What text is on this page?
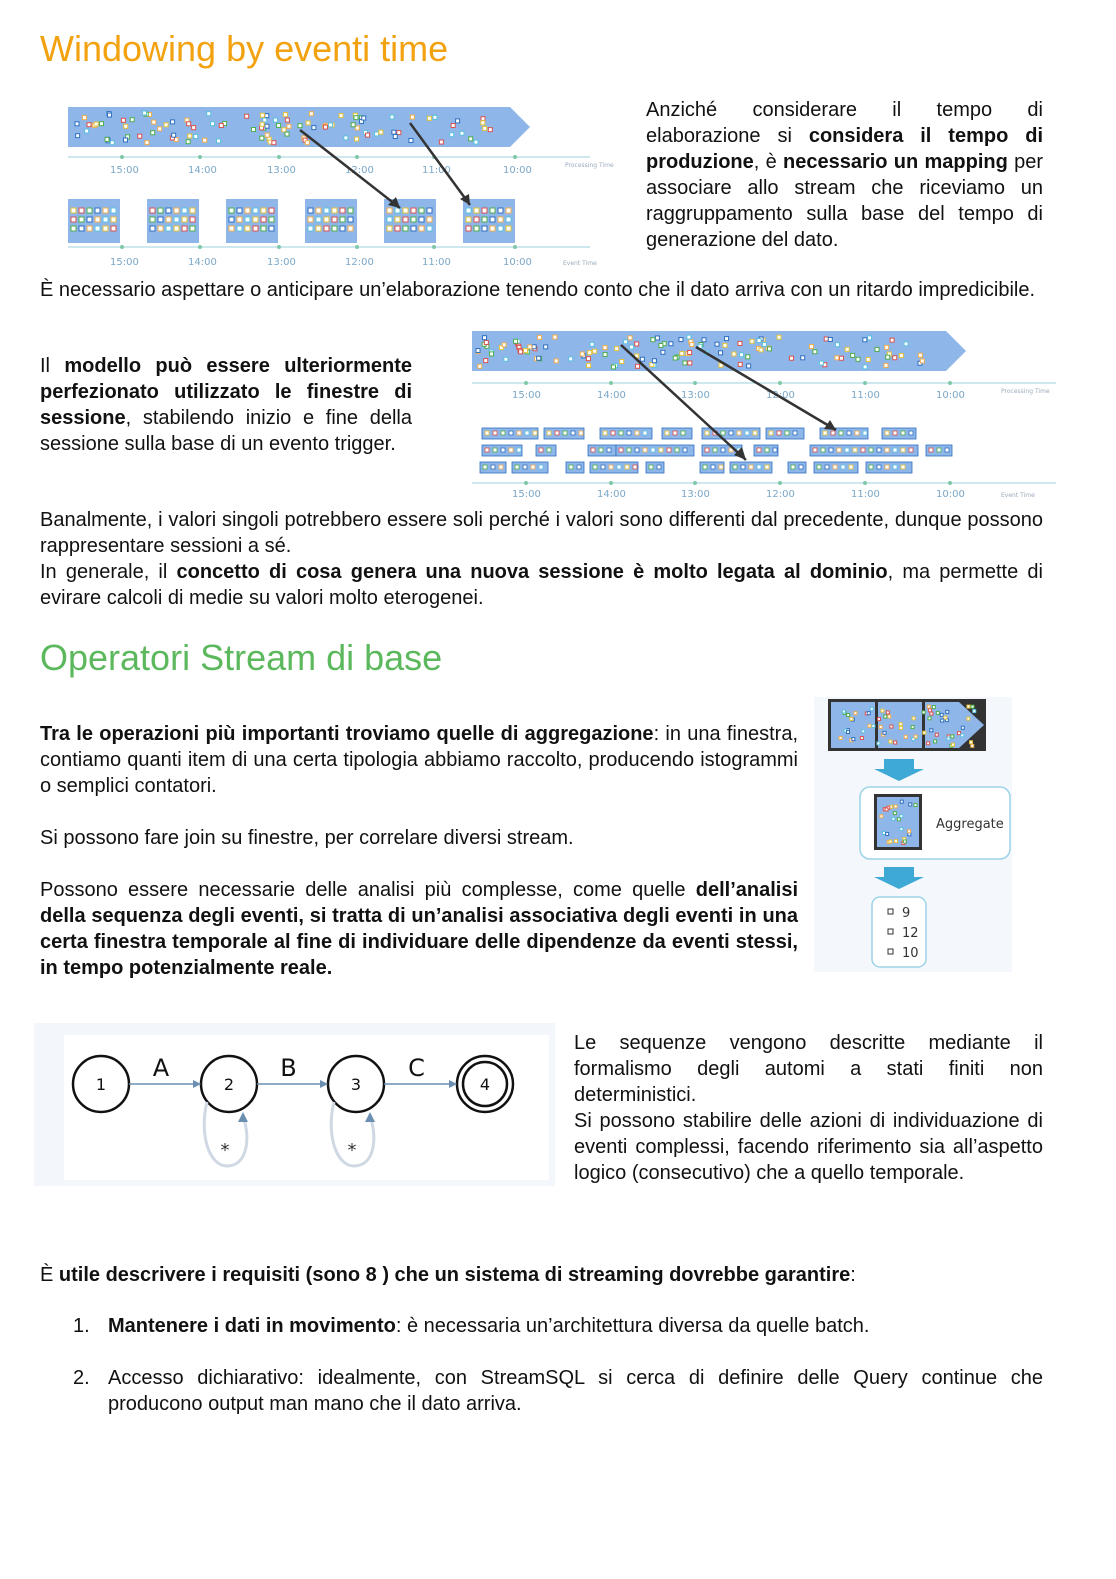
Windowing by eventi time
15:00	14:00	13:00	12:00	11:00	10:00	Processing Time
15:00	14:00	13:00	12:00	11:00	10:00	Event Time

Anziché considerare il tempo di elaborazione si considera il tempo di produzione, è necessario un mapping per associare allo stream che riceviamo un raggruppamento sulla base del tempo di generazione del dato.

È necessario aspettare o anticipare un’elaborazione tenendo conto che il dato arriva con un ritardo impredicibile.

Il modello può essere ulteriormente perfezionato utilizzato le finestre di sessione, stabilendo inizio e fine della sessione sulla base di un evento trigger.

15:00	14:00	13:00	12:00	11:00	10:00	Processing Time
15:00	14:00	13:00	12:00	11:00	10:00	Event Time

Banalmente, i valori singoli potrebbero essere soli perché i valori sono differenti dal precedente, dunque possono rappresentare sessioni a sé.

In generale, il concetto di cosa genera una nuova sessione è molto legata al dominio, ma permette di evirare calcoli di medie su valori molto eterogenei.

Operatori Stream di base

Tra le operazioni più importanti troviamo quelle di aggregazione: in una finestra, contiamo quanti item di una certa tipologia abbiamo raccolto, producendo istogrammi o semplici contatori.

Si possono fare join su finestre, per correlare diversi stream.

Possono essere necessarie delle analisi più complesse, come quelle dell’analisi della sequenza degli eventi, si tratta di un’analisi associativa degli eventi in una certa finestra temporale al fine di individuare delle dipendenze da eventi stessi, in tempo potenzialmente reale.

Aggregate
9
12
10
1	2	3	4
A	B	C
*	*

Le sequenze vengono descritte mediante il formalismo degli automi a stati finiti non deterministici.

Si possono stabilire delle azioni di individuazione di eventi complessi, facendo riferimento sia all’aspetto logico (consecutivo) che a quello temporale.

È utile descrivere i requisiti (sono 8 ) che un sistema di streaming dovrebbe garantire:

1. Mantenere i dati in movimento: è necessaria un’architettura diversa da quelle batch.
2. Accesso dichiarativo: idealmente, con StreamSQL si cerca di definire delle Query continue che producono output man mano che il dato arriva.
